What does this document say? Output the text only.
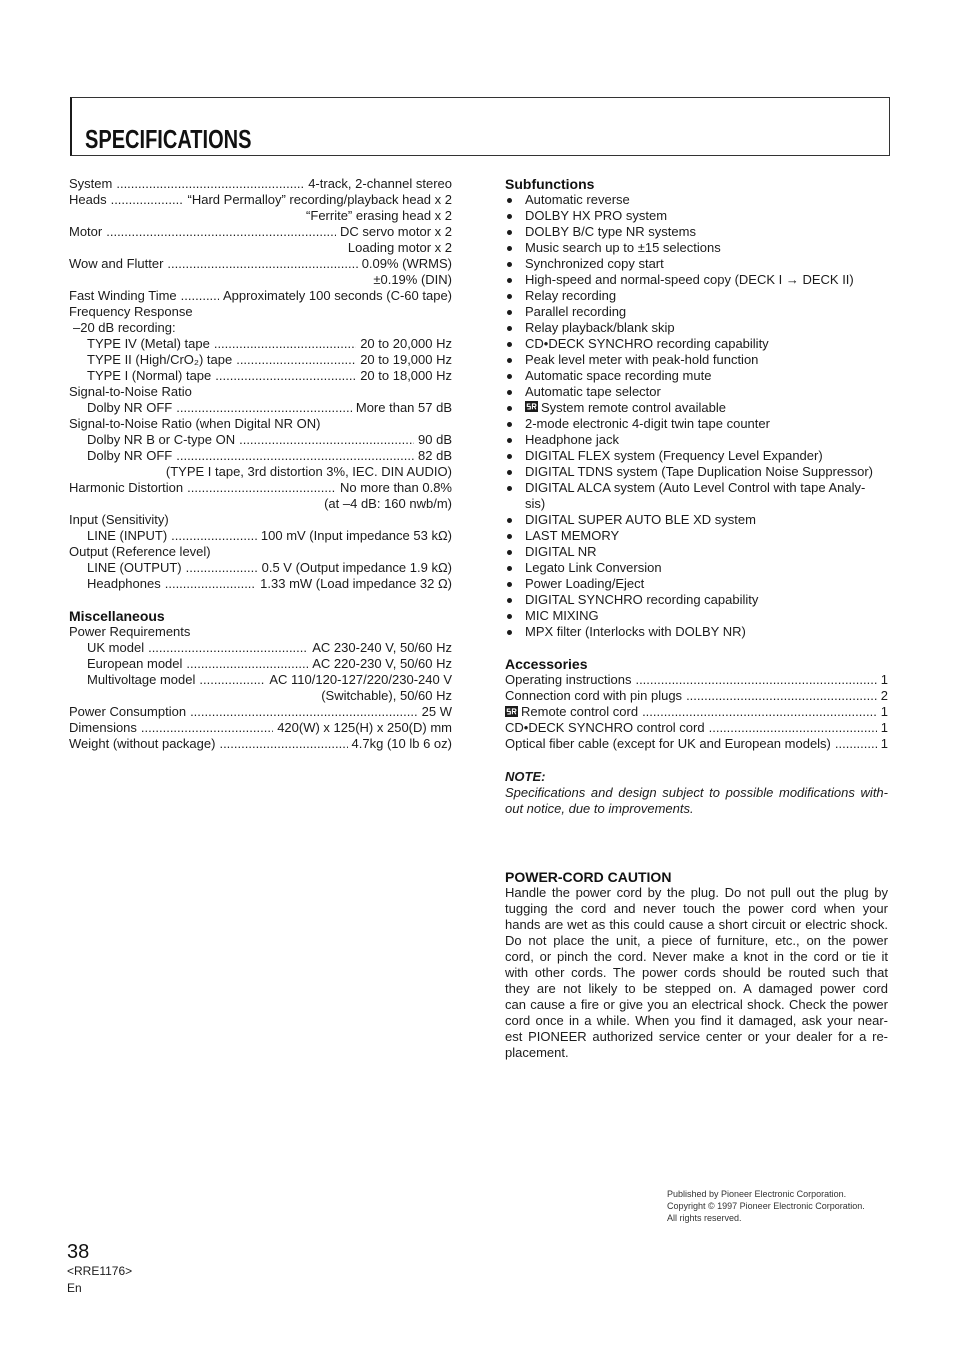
SPECIFICATIONS
System .....	4-track, 2-channel stereo
Heads .....	“Hard Permalloy” recording/playback head x 2
“Ferrite” erasing head x 2
Motor .....	DC servo motor x 2
Loading motor x 2
Wow and Flutter .....	0.09% (WRMS)
±0.19% (DIN)
Fast Winding Time .....	Approximately 100 seconds (C-60 tape)
Frequency Response
–20 dB recording:
TYPE IV (Metal) tape .....	20 to 20,000 Hz
TYPE II (High/CrO₂) tape .....	20 to 19,000 Hz
TYPE I (Normal) tape .....	20 to 18,000 Hz
Signal-to-Noise Ratio
Dolby NR OFF .....	More than 57 dB
Signal-to-Noise Ratio (when Digital NR ON)
Dolby NR B or C-type ON .....	90 dB
Dolby NR OFF .....	82 dB
(TYPE I tape, 3rd distortion 3%, IEC. DIN AUDIO)
Harmonic Distortion .....	No more than 0.8%
(at –4 dB: 160 nwb/m)
Input (Sensitivity)
LINE (INPUT) .....	100 mV (Input impedance 53 kΩ)
Output (Reference level)
LINE (OUTPUT) .....	0.5 V (Output impedance 1.9 kΩ)
Headphones .....	1.33 mW (Load impedance 32 Ω)
Miscellaneous
Power Requirements
UK model .....	AC 230-240 V, 50/60 Hz
European model .....	AC 220-230 V, 50/60 Hz
Multivoltage model .....	AC 110/120-127/220/230-240 V
(Switchable), 50/60 Hz
Power Consumption .....	25 W
Dimensions .....	420(W) x 125(H) x 250(D) mm
Weight (without package) .....	4.7kg (10 lb 6 oz)
Subfunctions
Automatic reverse
DOLBY HX PRO system
DOLBY B/C type NR systems
Music search up to ±15 selections
Synchronized copy start
High-speed and normal-speed copy (DECK I → DECK II)
Relay recording
Parallel recording
Relay playback/blank skip
CD•DECK SYNCHRO recording capability
Peak level meter with peak-hold function
Automatic space recording mute
Automatic tape selector
System remote control available
2-mode electronic 4-digit twin tape counter
Headphone jack
DIGITAL FLEX system (Frequency Level Expander)
DIGITAL TDNS system (Tape Duplication Noise Suppressor)
DIGITAL ALCA system (Auto Level Control with tape Analy-
sis)
DIGITAL SUPER AUTO BLE XD system
LAST MEMORY
DIGITAL NR
Legato Link Conversion
Power Loading/Eject
DIGITAL SYNCHRO recording capability
MIC MIXING
MPX filter (Interlocks with DOLBY NR)
Accessories
Operating instructions .....	1
Connection cord with pin plugs .....	2
Remote control cord .....	1
CD•DECK SYNCHRO control cord .....	1
Optical fiber cable (except for UK and European models) .....	1
NOTE:
Specifications and design subject to possible modifications with-
out notice, due to improvements.
POWER-CORD CAUTION
Handle the power cord by the plug. Do not pull out the plug by
tugging the cord and never touch the power cord when your
hands are wet as this could cause a short circuit or electric shock.
Do not place the unit, a piece of furniture, etc., on the power
cord, or pinch the cord. Never make a knot in the cord or tie it
with other cords. The power cords should be routed such that
they are not likely to be stepped on. A damaged power cord
can cause a fire or give you an electrical shock. Check the power
cord once in a while. When you find it damaged, ask your near-
est PIONEER authorized service center or your dealer for a re-
placement.
Published by Pioneer Electronic Corporation.
Copyright © 1997 Pioneer Electronic Corporation.
All rights reserved.
38
<RRE1176>
En
